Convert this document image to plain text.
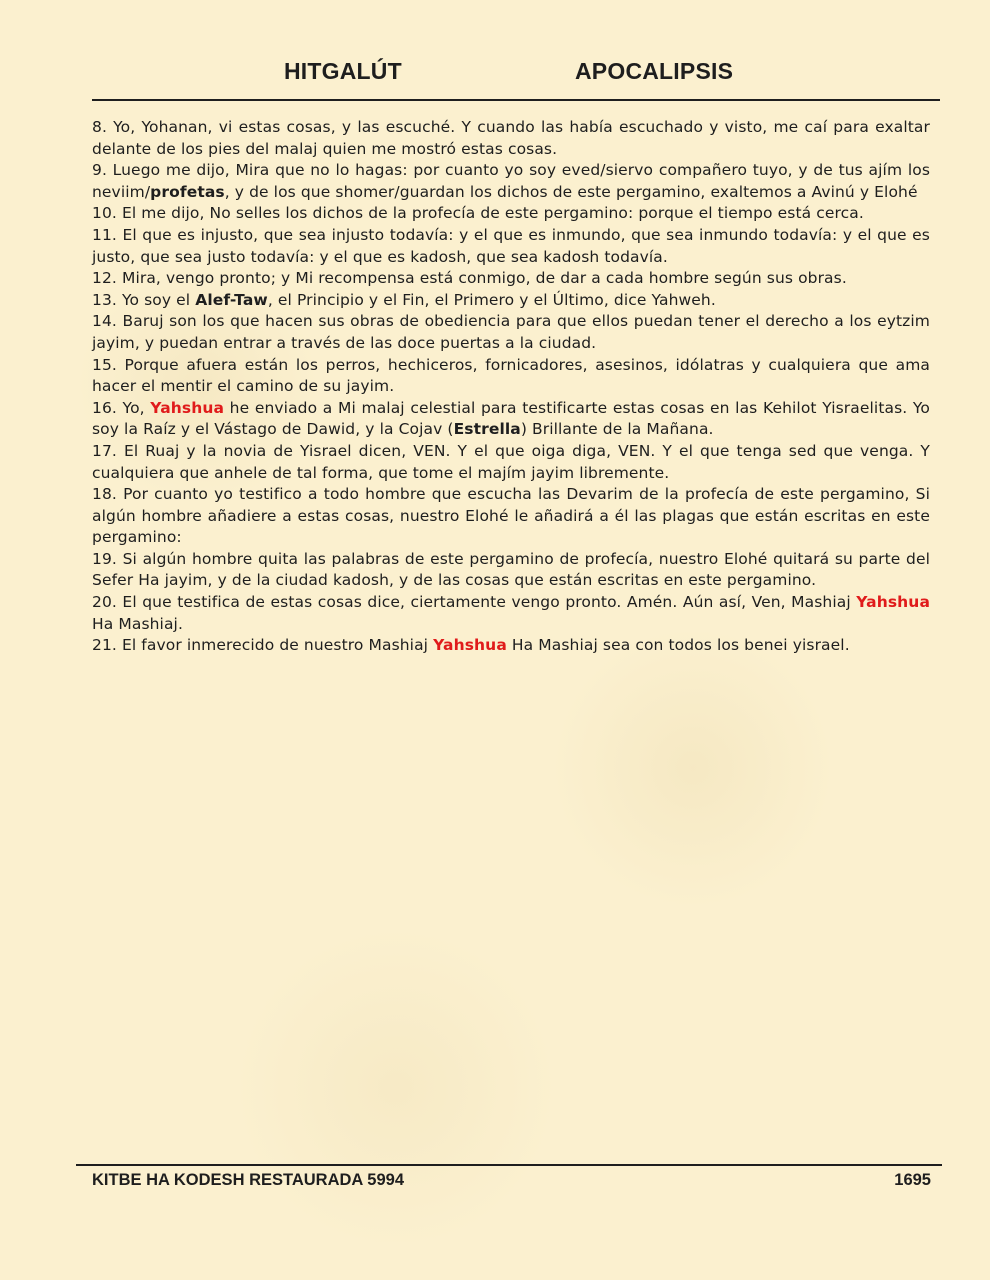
HITGALÚT	APOCALIPSIS

8. Yo, Yohanan, vi estas cosas, y las escuché. Y cuando las había escuchado y visto, me caí para exaltar delante de los pies del malaj quien me mostró estas cosas.

9. Luego me dijo, Mira que no lo hagas: por cuanto yo soy eved/siervo compañero tuyo, y de tus ajím los neviim/profetas, y de los que shomer/guardan los dichos de este pergamino, exaltemos a Avinú y Elohé

10. El me dijo, No selles los dichos de la profecía de este pergamino: porque el tiempo está cerca.

11. El que es injusto, que sea injusto todavía: y el que es inmundo, que sea inmundo todavía: y el que es justo, que sea justo todavía: y el que es kadosh, que sea kadosh todavía.

12. Mira, vengo pronto; y Mi recompensa está conmigo, de dar a cada hombre según sus obras.

13. Yo soy el Alef-Taw, el Principio y el Fin, el Primero y el Último, dice Yahweh.

14. Baruj son los que hacen sus obras de obediencia para que ellos puedan tener el derecho a los eytzim jayim, y puedan entrar a través de las doce puertas a la ciudad.

15. Porque afuera están los perros, hechiceros, fornicadores, asesinos, idólatras y cualquiera que ama hacer el mentir el camino de su jayim.

16. Yo, Yahshua he enviado a Mi malaj celestial para testificarte estas cosas en las Kehilot Yisraelitas. Yo soy la Raíz y el Vástago de Dawid, y la Cojav (Estrella) Brillante de la Mañana.

17. El Ruaj y la novia de Yisrael dicen, VEN. Y el que oiga diga, VEN. Y el que tenga sed que venga. Y cualquiera que anhele de tal forma, que tome el majím jayim libremente.

18. Por cuanto yo testifico a todo hombre que escucha las Devarim de la profecía de este pergamino, Si algún hombre añadiere a estas cosas, nuestro Elohé le añadirá a él las plagas que están escritas en este pergamino:

19. Si algún hombre quita las palabras de este pergamino de profecía, nuestro Elohé quitará su parte del Sefer Ha jayim, y de la ciudad kadosh, y de las cosas que están escritas en este pergamino.

20. El que testifica de estas cosas dice, ciertamente vengo pronto. Amén. Aún así, Ven, Mashiaj Yahshua Ha Mashiaj.

21. El favor inmerecido de nuestro Mashiaj Yahshua Ha Mashiaj sea con todos los benei yisrael.

KITBE HA KODESH RESTAURADA 5994	1695
